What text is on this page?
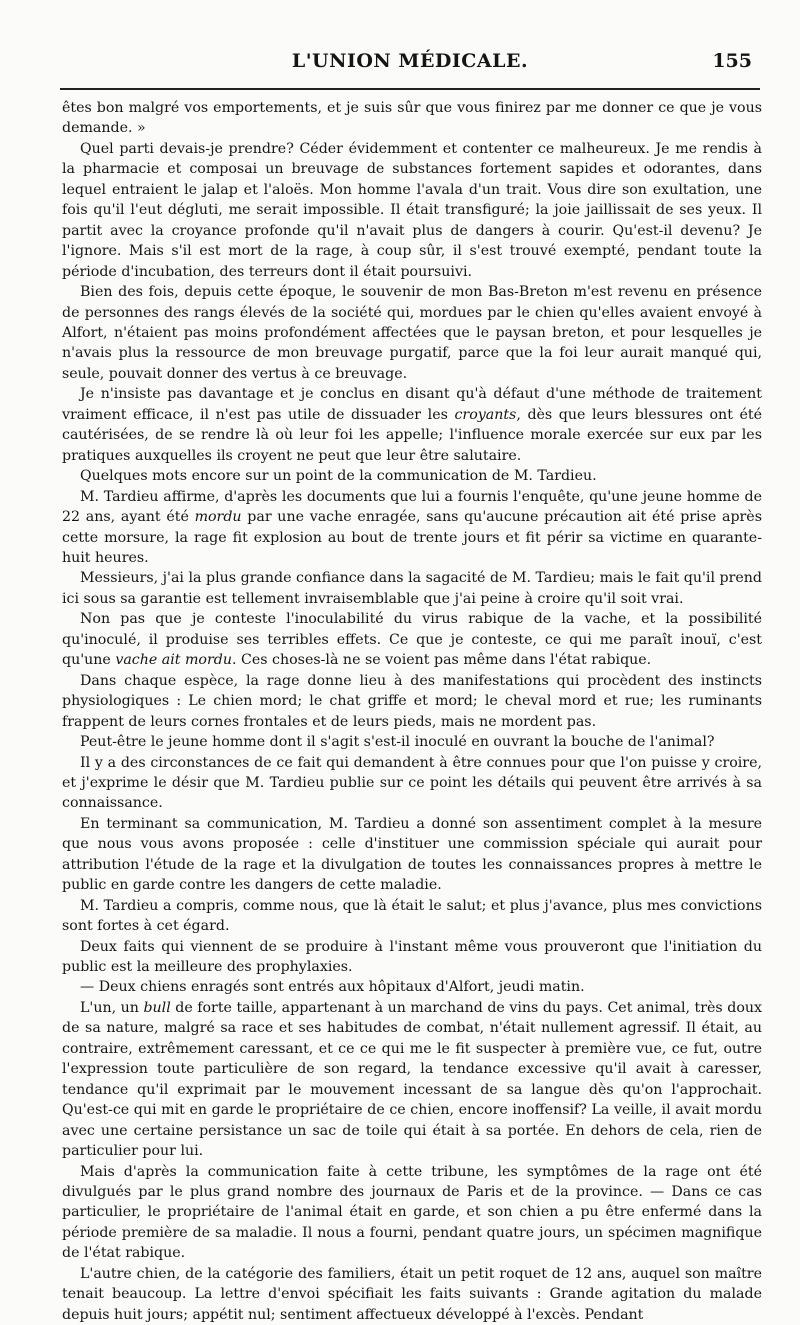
L'UNION MÉDICALE.	155

êtes bon malgré vos emportements, et je suis sûr que vous finirez par me donner ce que je vous demande. »

Quel parti devais-je prendre? Céder évidemment et contenter ce malheureux. Je me rendis à la pharmacie et composai un breuvage de substances fortement sapides et odorantes, dans lequel entraient le jalap et l'aloës. Mon homme l'avala d'un trait. Vous dire son exultation, une fois qu'il l'eut dégluti, me serait impossible. Il était transfiguré; la joie jaillissait de ses yeux. Il partit avec la croyance profonde qu'il n'avait plus de dangers à courir. Qu'est-il devenu? Je l'ignore. Mais s'il est mort de la rage, à coup sûr, il s'est trouvé exempté, pendant toute la période d'incubation, des terreurs dont il était poursuivi.

Bien des fois, depuis cette époque, le souvenir de mon Bas-Breton m'est revenu en présence de personnes des rangs élevés de la société qui, mordues par le chien qu'elles avaient envoyé à Alfort, n'étaient pas moins profondément affectées que le paysan breton, et pour lesquelles je n'avais plus la ressource de mon breuvage purgatif, parce que la foi leur aurait manqué qui, seule, pouvait donner des vertus à ce breuvage.

Je n'insiste pas davantage et je conclus en disant qu'à défaut d'une méthode de traitement vraiment efficace, il n'est pas utile de dissuader les croyants, dès que leurs blessures ont été cautérisées, de se rendre là où leur foi les appelle; l'influence morale exercée sur eux par les pratiques auxquelles ils croyent ne peut que leur être salutaire.

Quelques mots encore sur un point de la communication de M. Tardieu.

M. Tardieu affirme, d'après les documents que lui a fournis l'enquête, qu'une jeune homme de 22 ans, ayant été mordu par une vache enragée, sans qu'aucune précaution ait été prise après cette morsure, la rage fit explosion au bout de trente jours et fit périr sa victime en quarante-huit heures.

Messieurs, j'ai la plus grande confiance dans la sagacité de M. Tardieu; mais le fait qu'il prend ici sous sa garantie est tellement invraisemblable que j'ai peine à croire qu'il soit vrai.

Non pas que je conteste l'inoculabilité du virus rabique de la vache, et la possibilité qu'inoculé, il produise ses terribles effets. Ce que je conteste, ce qui me paraît inouï, c'est qu'une vache ait mordu. Ces choses-là ne se voient pas même dans l'état rabique.

Dans chaque espèce, la rage donne lieu à des manifestations qui procèdent des instincts physiologiques : Le chien mord; le chat griffe et mord; le cheval mord et rue; les ruminants frappent de leurs cornes frontales et de leurs pieds, mais ne mordent pas.

Peut-être le jeune homme dont il s'agit s'est-il inoculé en ouvrant la bouche de l'animal?

Il y a des circonstances de ce fait qui demandent à être connues pour que l'on puisse y croire, et j'exprime le désir que M. Tardieu publie sur ce point les détails qui peuvent être arrivés à sa connaissance.

En terminant sa communication, M. Tardieu a donné son assentiment complet à la mesure que nous vous avons proposée : celle d'instituer une commission spéciale qui aurait pour attribution l'étude de la rage et la divulgation de toutes les connaissances propres à mettre le public en garde contre les dangers de cette maladie.

M. Tardieu a compris, comme nous, que là était le salut; et plus j'avance, plus mes convictions sont fortes à cet égard.

Deux faits qui viennent de se produire à l'instant même vous prouveront que l'initiation du public est la meilleure des prophylaxies.

— Deux chiens enragés sont entrés aux hôpitaux d'Alfort, jeudi matin.

L'un, un bull de forte taille, appartenant à un marchand de vins du pays. Cet animal, très doux de sa nature, malgré sa race et ses habitudes de combat, n'était nullement agressif. Il était, au contraire, extrêmement caressant, et ce ce qui me le fit suspecter à première vue, ce fut, outre l'expression toute particulière de son regard, la tendance excessive qu'il avait à caresser, tendance qu'il exprimait par le mouvement incessant de sa langue dès qu'on l'approchait. Qu'est-ce qui mit en garde le propriétaire de ce chien, encore inoffensif? La veille, il avait mordu avec une certaine persistance un sac de toile qui était à sa portée. En dehors de cela, rien de particulier pour lui.

Mais d'après la communication faite à cette tribune, les symptômes de la rage ont été divulgués par le plus grand nombre des journaux de Paris et de la province. — Dans ce cas particulier, le propriétaire de l'animal était en garde, et son chien a pu être enfermé dans la période première de sa maladie. Il nous a fourni, pendant quatre jours, un spécimen magnifique de l'état rabique.

L'autre chien, de la catégorie des familiers, était un petit roquet de 12 ans, auquel son maître tenait beaucoup. La lettre d'envoi spécifiait les faits suivants : Grande agitation du malade depuis huit jours; appétit nul; sentiment affectueux développé à l'excès. Pendant
